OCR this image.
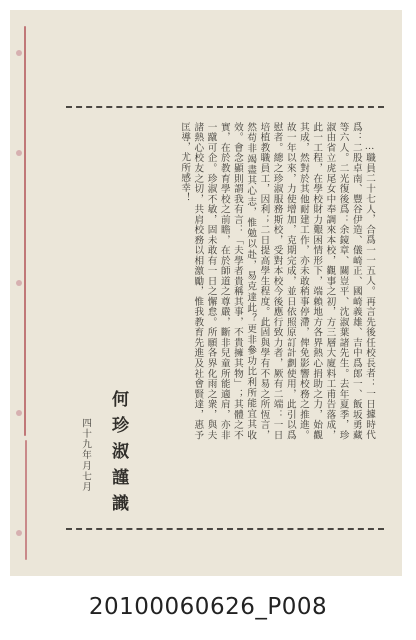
…職員二十七人，合爲一一五人。再言先後任校長者：一日據時代爲：二股卓南、豐谷伊造、儀崎正、國崎義雄、吉中爲郎一、飯坂勇藏等六人。二光復後爲：余鏡章、關豈平、沈淑葉諸先生。去年夏季，珍淑由省立虎尾女中奉調來本校，觀事之初，方三層大廈料工甫告落成，此一工程，在學校財力艱困情形下，端賴地方各界熱心捐助之力，始觀其成，然對於其他耐建工作，亦未敢稍事停滯，俾免影響校務之推進。故一年以來，力使增加，克期完成，並日依照原訂計劃使用，此引以爲慰者。總之珍淑服務斯校，受對本校今後應行致力者，厥有二端：一日培植教職員工，因利；二日提高學生程度。此固與學有不易之所恆言，然苟非竭盡其心志，惟勉以赴，易克達此？更非參功比利所能宜其收效。會念顯則謂我有言：「夫學者貴稱其事，不貴擁其物」；其體之不實，在於教育學校之前瞻，在於師道之尊嚴，斷非兒童所能適肩，亦非一蹴可企。珍淑不敏，固未敢有一日之懈怠。所願各界化雨之衆，與夫諸熱心校友之切，共肩校務以相激勵，惟我教育先進及社會賢達，惠予匡導，尤所感幸！

何珍淑謹識
四十九年月七月
20100060626_P008
